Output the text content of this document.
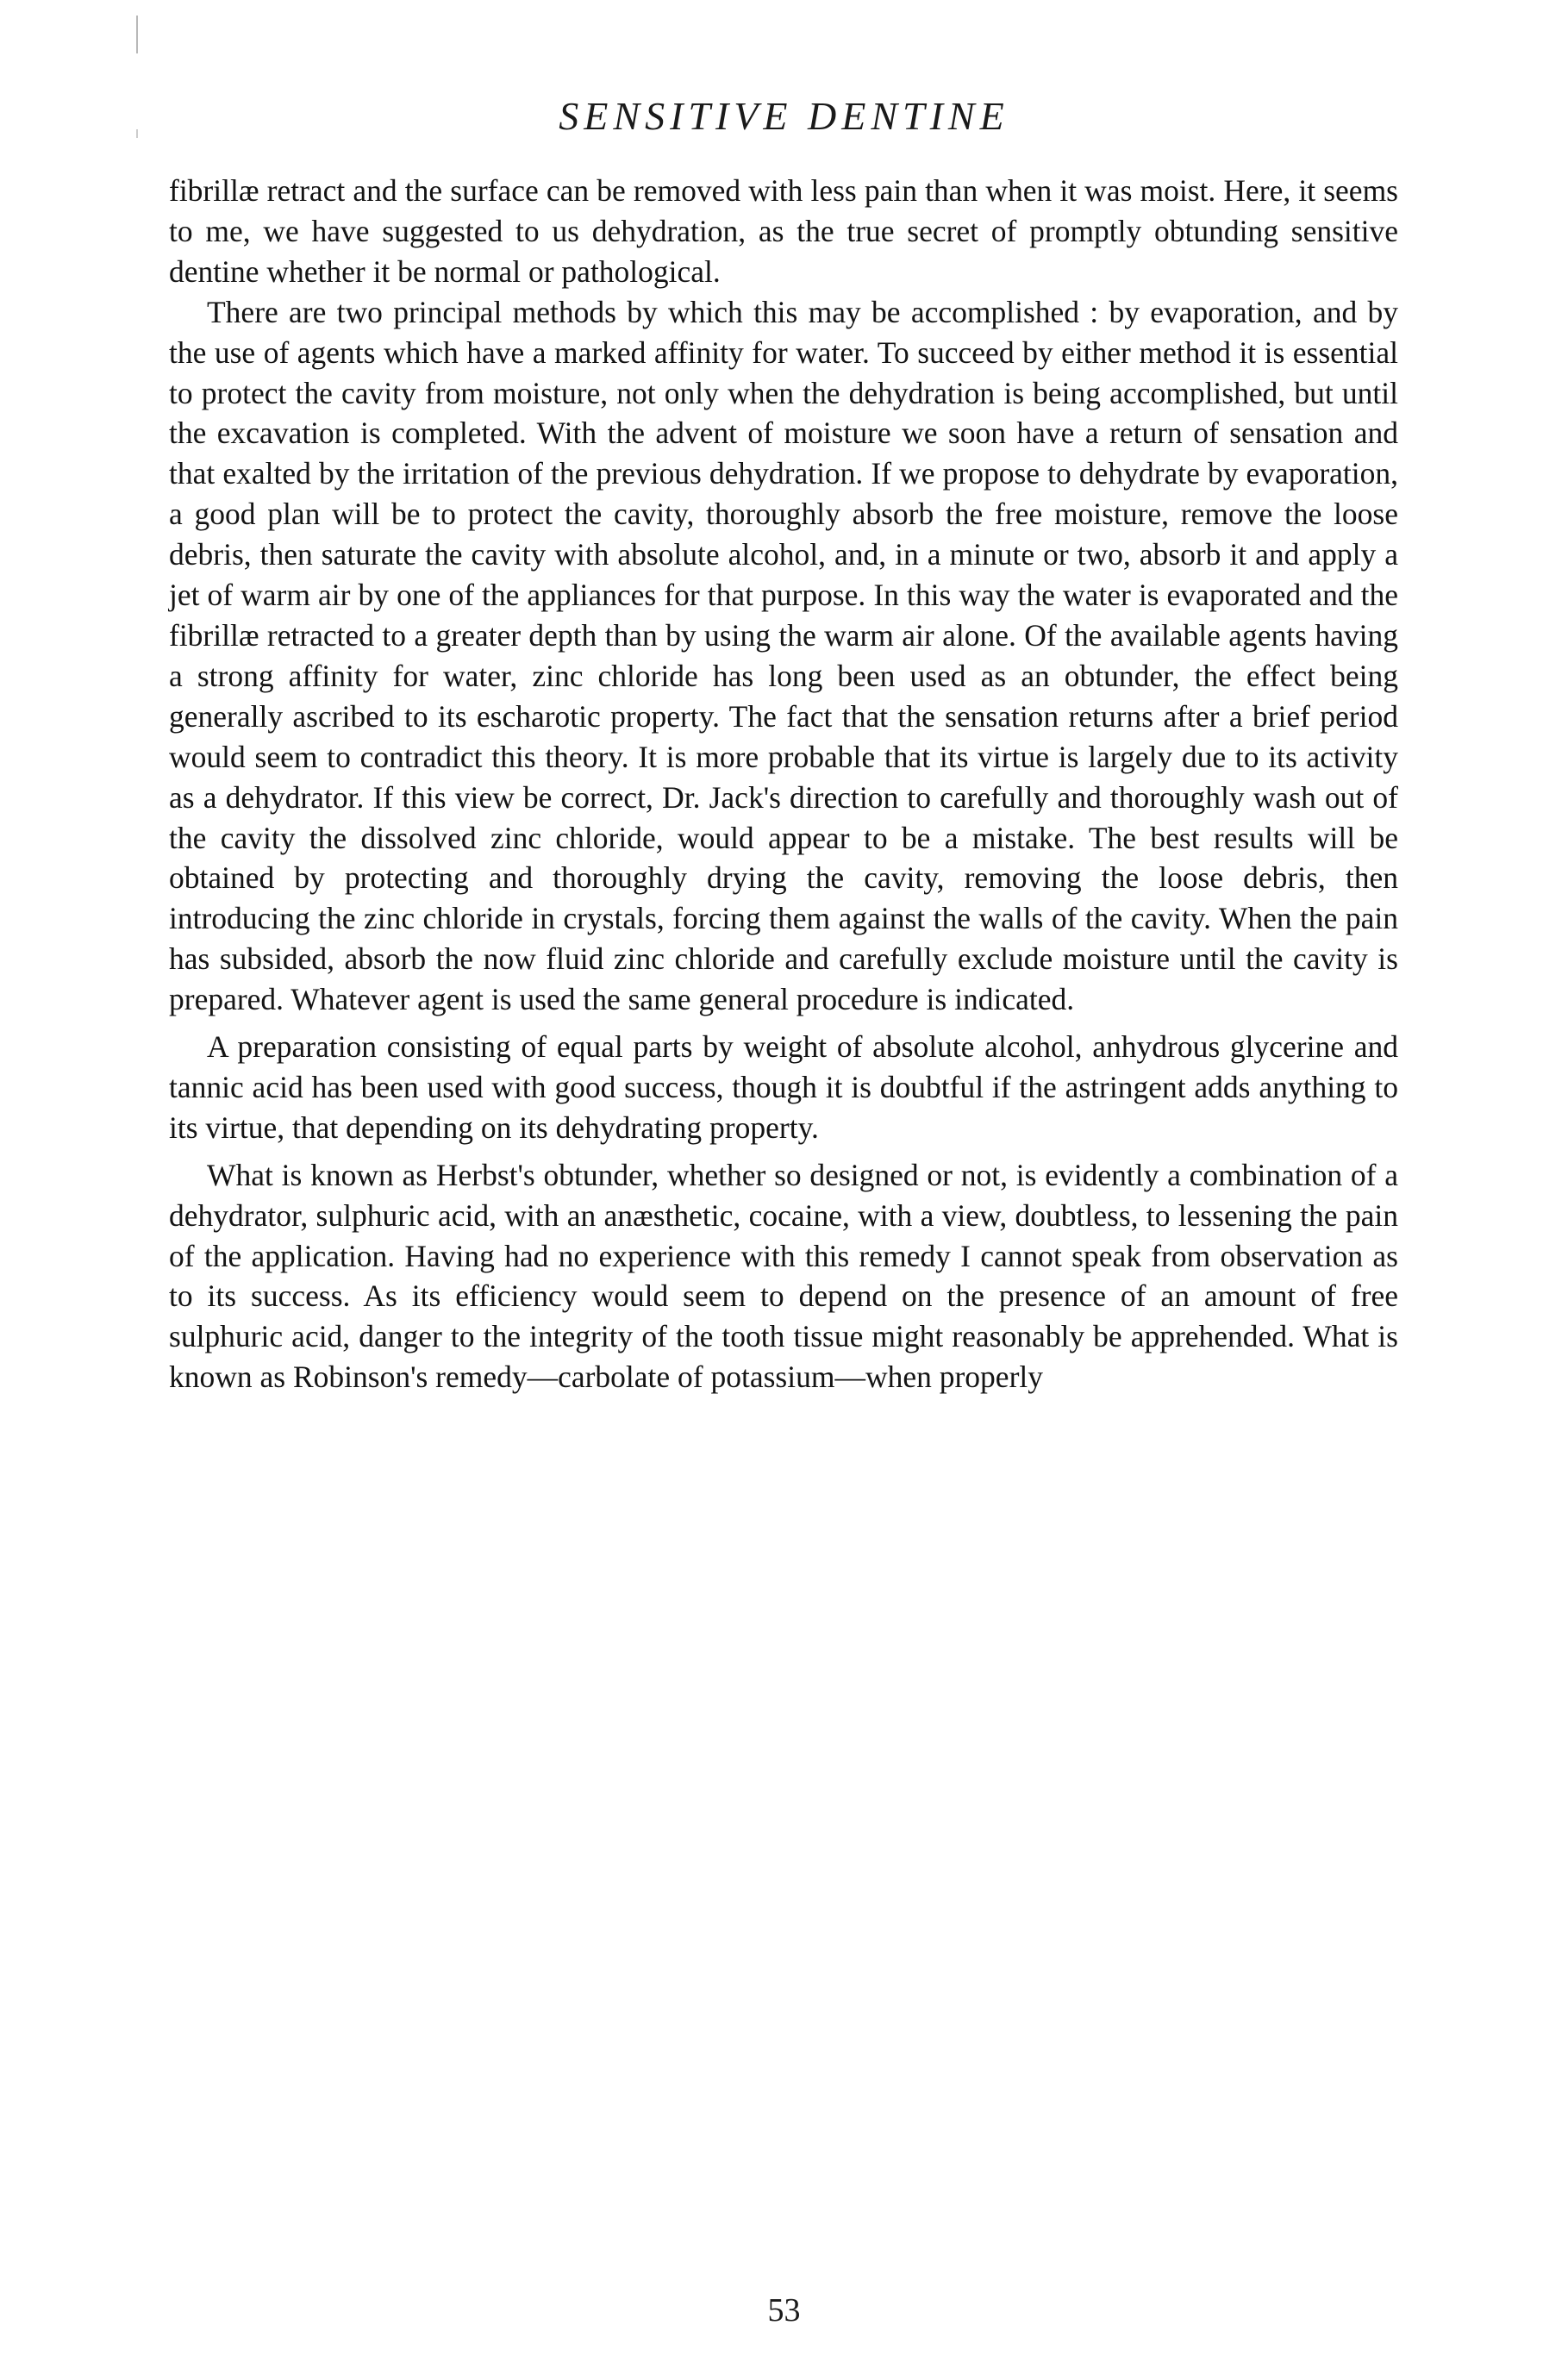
SENSITIVE DENTINE

fibrillæ retract and the surface can be removed with less pain than when it was moist. Here, it seems to me, we have suggested to us dehydration, as the true secret of promptly obtunding sensitive dentine whether it be normal or pathological.

There are two principal methods by which this may be accomplished : by evaporation, and by the use of agents which have a marked affinity for water. To succeed by either method it is essential to protect the cavity from moisture, not only when the dehydration is being accomplished, but until the excavation is completed. With the advent of moisture we soon have a return of sensation and that exalted by the irritation of the previous dehydration. If we propose to dehydrate by evaporation, a good plan will be to protect the cavity, thoroughly absorb the free moisture, remove the loose debris, then saturate the cavity with absolute alcohol, and, in a minute or two, absorb it and apply a jet of warm air by one of the appliances for that purpose. In this way the water is evaporated and the fibrillæ retracted to a greater depth than by using the warm air alone. Of the available agents having a strong affinity for water, zinc chloride has long been used as an obtunder, the effect being generally ascribed to its escharotic property. The fact that the sensation returns after a brief period would seem to contradict this theory. It is more probable that its virtue is largely due to its activity as a dehydrator. If this view be correct, Dr. Jack's direction to carefully and thoroughly wash out of the cavity the dissolved zinc chloride, would appear to be a mistake. The best results will be obtained by protecting and thoroughly drying the cavity, removing the loose debris, then introducing the zinc chloride in crystals, forcing them against the walls of the cavity. When the pain has subsided, absorb the now fluid zinc chloride and carefully exclude moisture until the cavity is prepared. Whatever agent is used the same general procedure is indicated.

A preparation consisting of equal parts by weight of absolute alcohol, anhydrous glycerine and tannic acid has been used with good success, though it is doubtful if the astringent adds anything to its virtue, that depending on its dehydrating property.

What is known as Herbst's obtunder, whether so designed or not, is evidently a combination of a dehydrator, sulphuric acid, with an anæsthetic, cocaine, with a view, doubtless, to lessening the pain of the application. Having had no experience with this remedy I cannot speak from observation as to its success. As its efficiency would seem to depend on the presence of an amount of free sulphuric acid, danger to the integrity of the tooth tissue might reasonably be apprehended. What is known as Robinson's remedy—carbolate of potassium—when properly

53
